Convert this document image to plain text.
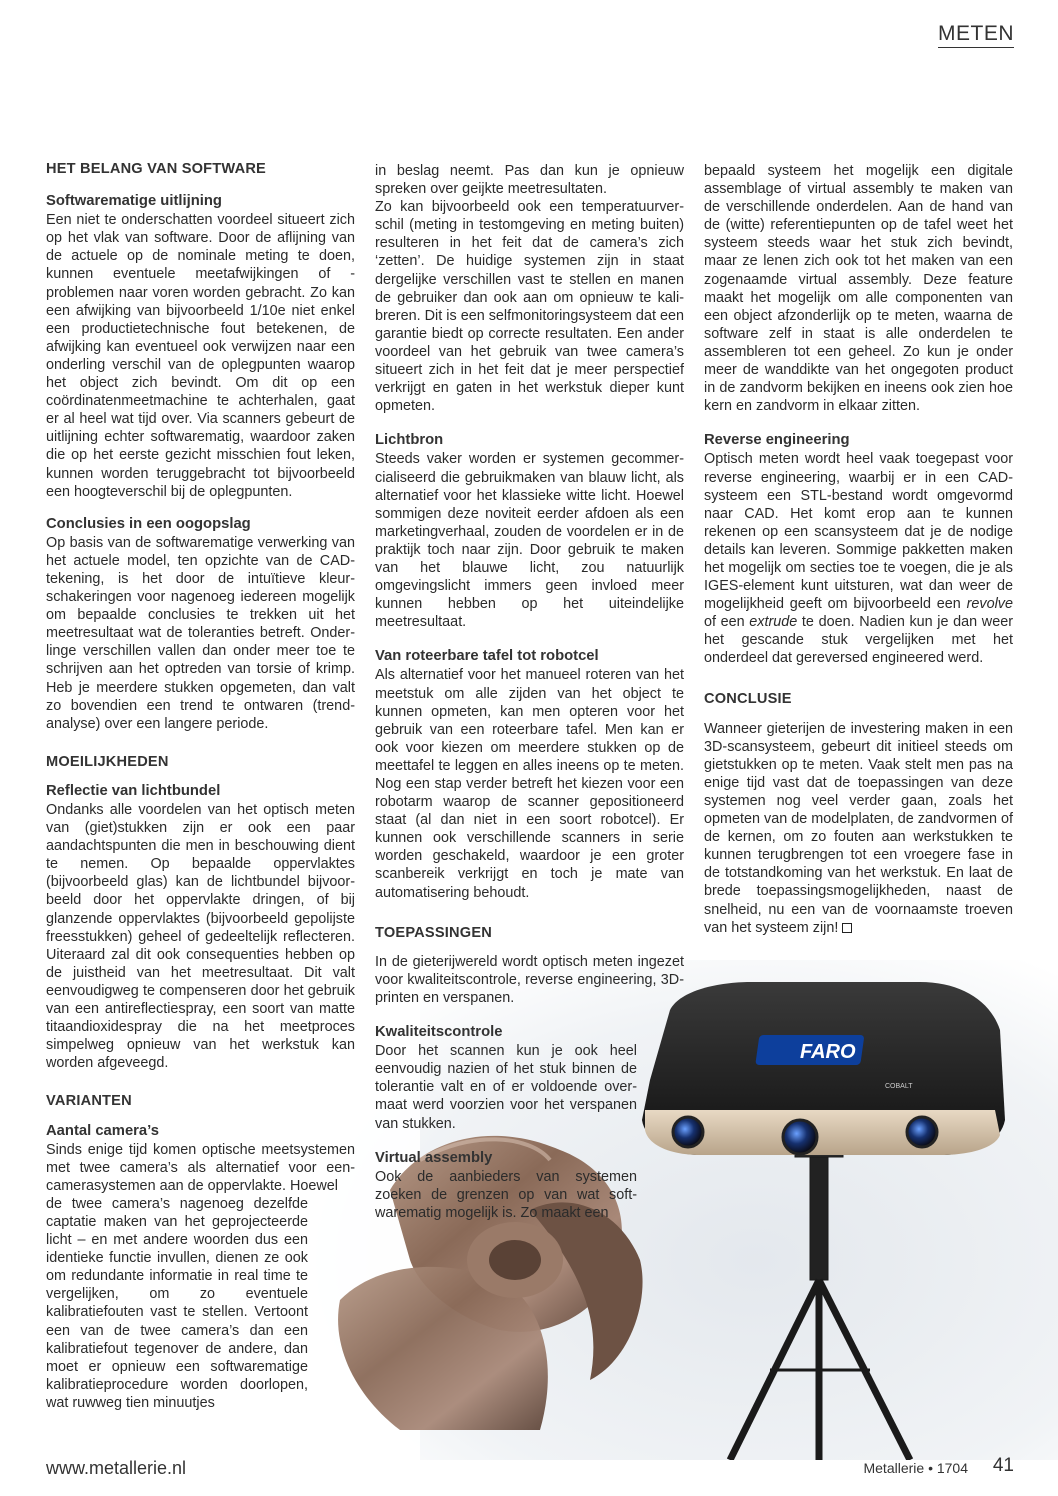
METEN
FARO
COBALT
HET BELANG VAN SOFTWARE
Softwarematige uitlijning

Een niet te onderschatten voordeel situeert zich op het vlak van software. Door de aflijning van de actuele op de nominale meting te doen, kunnen eventuele meetafwijkingen of -problemen naar voren worden gebracht. Zo kan een afwijking van bijvoorbeeld 1/10e niet enkel een productietechnische fout betekenen, de afwijking kan eventueel ook verwijzen naar een onderling verschil van de oplegpunten waarop het object zich bevindt. Om dit op een coördinatenmeetmachine te achterhalen, gaat er al heel wat tijd over. Via scanners gebeurt de uitlijning echter softwarematig, waardoor zaken die op het eerste gezicht misschien fout leken, kunnen worden teruggebracht tot bijvoorbeeld een hoogteverschil bij de oplegpunten.

Conclusies in een oogopslag

Op basis van de softwarematige verwerking van het actuele model, ten opzichte van de CAD-tekening, is het door de intuïtieve kleurschakeringen voor nagenoeg iedereen mogelijk om bepaalde conclusies te trekken uit het meetresultaat wat de toleranties betreft. Onderlinge verschillen vallen dan onder meer toe te schrijven aan het optreden van torsie of krimp. Heb je meerdere stukken opgemeten, dan valt zo bovendien een trend te ontwaren (trendanalyse) over een langere periode.

MOEILIJKHEDEN
Reflectie van lichtbundel

Ondanks alle voordelen van het optisch meten van (giet)stukken zijn er ook een paar aandachtspunten die men in beschouwing dient te nemen. Op bepaalde oppervlaktes (bijvoorbeeld glas) kan de lichtbundel bijvoorbeeld door het oppervlakte dringen, of bij glanzende oppervlaktes (bijvoorbeeld gepolijste freesstukken) geheel of gedeeltelijk reflecteren. Uiteraard zal dit ook consequenties hebben op de juistheid van het meetresultaat. Dit valt eenvoudigweg te compenseren door het gebruik van een antireflectiespray, een soort van matte titaandioxidespray die na het meetproces simpelweg opnieuw van het werkstuk kan worden afgeveegd.

VARIANTEN
Aantal camera’s

Sinds enige tijd komen optische meetsystemen met twee camera’s als alternatief voor een-camerasystemen aan de oppervlakte. Hoewel

de twee camera’s nagenoeg dezelfde captatie maken van het geprojecteerde licht – en met andere woorden dus een identieke functie invullen, dienen ze ook om redundante informatie in real time te vergelijken, om zo eventuele kalibratiefouten vast te stellen. Vertoont een van de twee camera’s dan een kalibratiefout tegenover de andere, dan moet er opnieuw een softwarematige kalibratieprocedure worden doorlopen, wat ruwweg tien minuutjes

in beslag neemt. Pas dan kun je opnieuw spreken over geijkte meetresultaten.

Zo kan bijvoorbeeld ook een temperatuurverschil (meting in testomgeving en meting buiten) resulteren in het feit dat de camera’s zich ‘zetten’. De huidige systemen zijn in staat dergelijke verschillen vast te stellen en manen de gebruiker dan ook aan om opnieuw te kalibreren. Dit is een selfmonitoringsysteem dat een garantie biedt op correcte resultaten. Een ander voordeel van het gebruik van twee camera’s situeert zich in het feit dat je meer perspectief verkrijgt en gaten in het werkstuk dieper kunt opmeten.

Lichtbron

Steeds vaker worden er systemen gecommercialiseerd die gebruikmaken van blauw licht, als alternatief voor het klassieke witte licht. Hoewel sommigen deze noviteit eerder afdoen als een marketingverhaal, zouden de voordelen er in de praktijk toch naar zijn. Door gebruik te maken van het blauwe licht, zou natuurlijk omgevingslicht immers geen invloed meer kunnen hebben op het uiteindelijke meetresultaat.

Van roteerbare tafel tot robotcel

Als alternatief voor het manueel roteren van het meetstuk om alle zijden van het object te kunnen opmeten, kan men opteren voor het gebruik van een roteerbare tafel. Men kan er ook voor kiezen om meerdere stukken op de meettafel te leggen en alles ineens op te meten. Nog een stap verder betreft het kiezen voor een robotarm waarop de scanner gepositioneerd staat (al dan niet in een soort robotcel). Er kunnen ook verschillende scanners in serie worden geschakeld, waardoor je een groter scanbereik verkrijgt en toch je mate van automatisering behoudt.

TOEPASSINGEN

In de gieterijwereld wordt optisch meten ingezet voor kwaliteitscontrole, reverse engineering, 3D-printen en verspanen.

Kwaliteitscontrole

Door het scannen kun je ook heel eenvoudig nazien of het stuk binnen de tolerantie valt en of er voldoende overmaat werd voorzien voor het verspanen van stukken.

Virtual assembly

Ook de aanbieders van systemen zoeken de grenzen op van wat softwarematig mogelijk is. Zo maakt een

bepaald systeem het mogelijk een digitale assemblage of virtual assembly te maken van de verschillende onderdelen. Aan de hand van de (witte) referentiepunten op de tafel weet het systeem steeds waar het stuk zich bevindt, maar ze lenen zich ook tot het maken van een zogenaamde virtual assembly. Deze feature maakt het mogelijk om alle componenten van een object afzonderlijk op te meten, waarna de software zelf in staat is alle onderdelen te assembleren tot een geheel. Zo kun je onder meer de wanddikte van het ongegoten product in de zandvorm bekijken en ineens ook zien hoe kern en zandvorm in elkaar zitten.

Reverse engineering

Optisch meten wordt heel vaak toegepast voor reverse engineering, waarbij er in een CAD-systeem een STL-bestand wordt omgevormd naar CAD. Het komt erop aan te kunnen rekenen op een scansysteem dat je de nodige details kan leveren. Sommige pakketten maken het mogelijk om secties toe te voegen, die je als IGES-element kunt uitsturen, wat dan weer de mogelijkheid geeft om bijvoorbeeld een revolve of een extrude te doen. Nadien kun je dan weer het gescande stuk vergelijken met het onderdeel dat gereversed engineered werd.

CONCLUSIE

Wanneer gieterijen de investering maken in een 3D-scansysteem, gebeurt dit initieel steeds om gietstukken op te meten. Vaak stelt men pas na enige tijd vast dat de toepassingen van deze systemen nog veel verder gaan, zoals het opmeten van de modelplaten, de zandvormen of de kernen, om zo fouten aan werkstukken te kunnen terugbrengen tot een vroegere fase in de totstandkoming van het werkstuk. En laat de brede toepassingsmogelijkheden, naast de snelheid, nu een van de voornaamste troeven van het systeem zijn!

www.metallerie.nl	Metallerie • 1704 41
